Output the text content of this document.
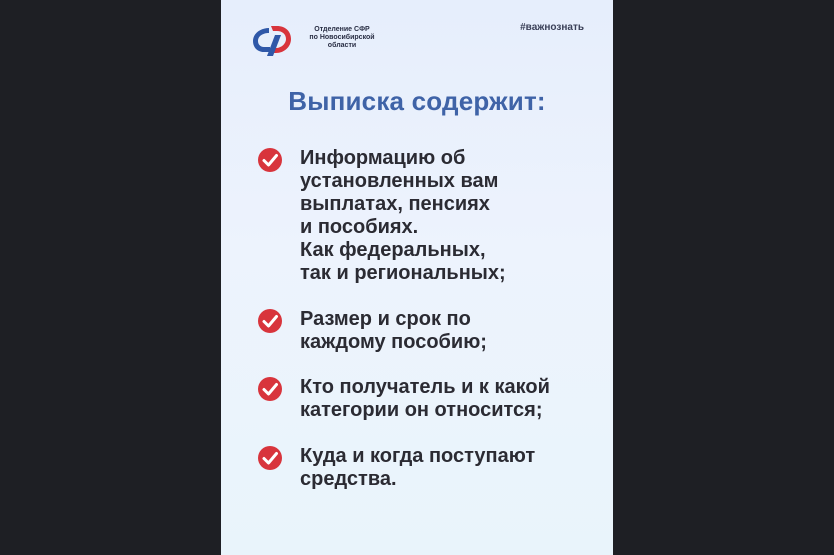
Отделение СФР
по Новосибирской
области
#важнознать
Выписка содержит:
Информацию об
установленных вам
выплатах, пенсиях
и пособиях.
Как федеральных,
так и региональных;
Размер и срок по
каждому пособию;
Кто получатель и к какой
категории он относится;
Куда и когда поступают
средства.
